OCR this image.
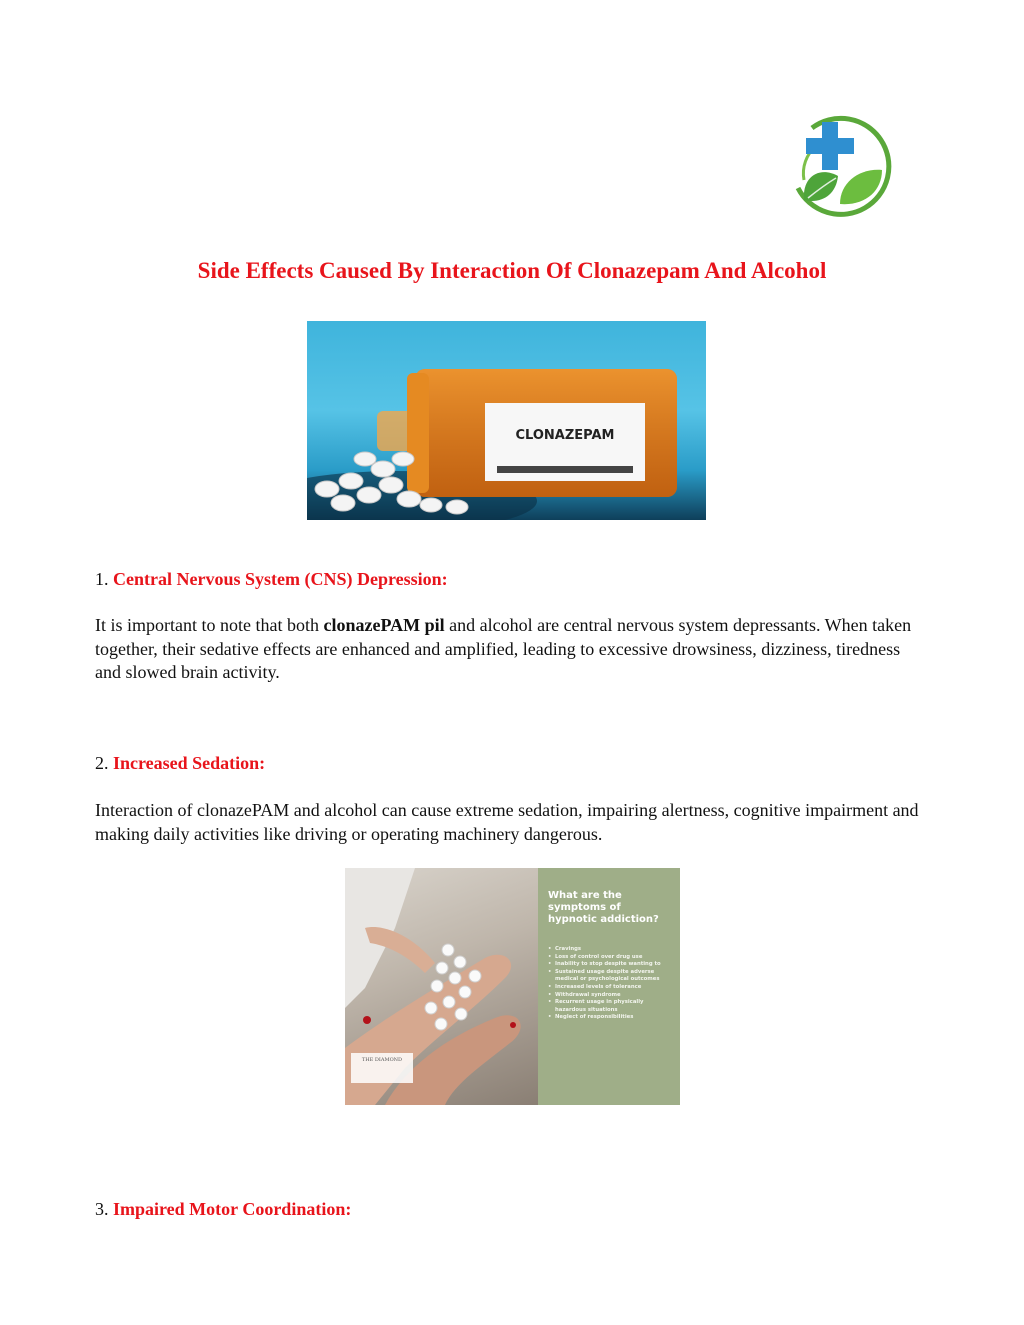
Side Effects Caused By Interaction Of Clonazepam And Alcohol
CLONAZEPAM
1. Central Nervous System (CNS) Depression:
It is important to note that both clonazePAM pil and alcohol are central nervous system depressants. When taken together, their sedative effects are enhanced and amplified, leading to excessive drowsiness, dizziness, tiredness and slowed brain activity.
2. Increased Sedation:
Interaction of clonazePAM and alcohol can cause extreme sedation, impairing alertness, cognitive impairment and making daily activities like driving or operating machinery dangerous.
THE DIAMOND
What are the symptoms of hypnotic addiction?
• Cravings
• Loss of control over drug use
• Inability to stop despite wanting to
• Sustained usage despite adverse medical or psychological outcomes
• Increased levels of tolerance
• Withdrawal syndrome
• Recurrent usage in physically hazardous situations
• Neglect of responsibilities
3. Impaired Motor Coordination:
